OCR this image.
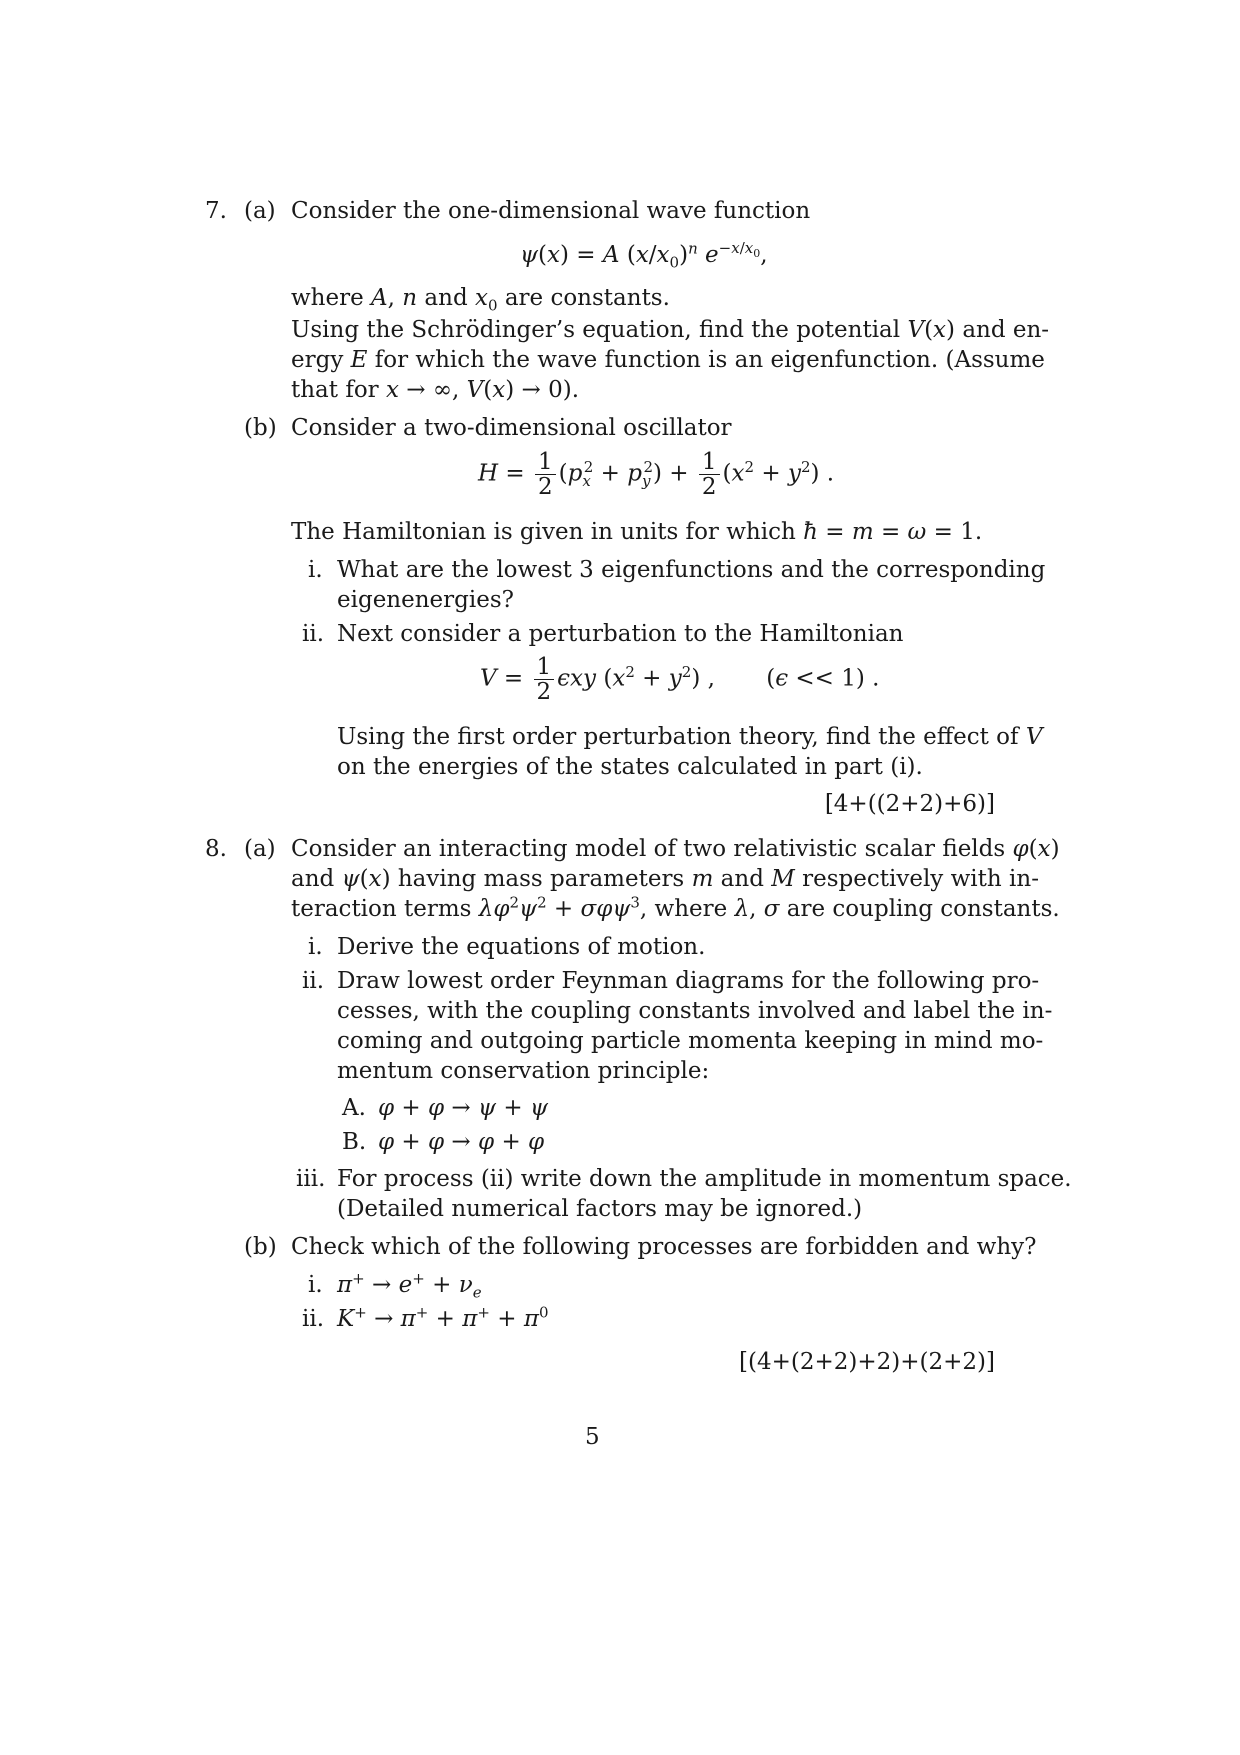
7. (a) Consider the one-dimensional wave function
ψ(x) = A $(x/x_0)^n$ $e^{-x/x_0}$,
where A, n and $x_0$ are constants.
Using the Schrödinger’s equation, find the potential V(x) and en-
ergy E for which the wave function is an eigenfunction. (Assume
that for x → ∞, V(x) → 0).
(b) Consider a two-dimensional oscillator
$H = \frac{1}{2} (p_x^2 + p_y^2) + \frac{1}{2} (x^2 + y^2)$ .
The Hamiltonian is given in units for which ħ = m = ω = 1.
i. What are the lowest 3 eigenfunctions and the corresponding
eigenenergies?
ii. Next consider a perturbation to the Hamiltonian
$V = \frac{1}{2}$ ϵxy $(x^2 + y^2)$ , (ϵ << 1) .
Using the first order perturbation theory, find the effect of V
on the energies of the states calculated in part (i).
[4+((2+2)+6)]
8. (a) Consider an interacting model of two relativistic scalar fields φ(x)
and ψ(x) having mass parameters m and M respectively with in-
teraction terms $\lambda\varphi^2\psi^2 + \sigma\varphi\psi^3$, where λ, σ are coupling constants.
i. Derive the equations of motion.
ii. Draw lowest order Feynman diagrams for the following pro-
cesses, with the coupling constants involved and label the in-
coming and outgoing particle momenta keeping in mind mo-
mentum conservation principle:
A. φ + φ → ψ + ψ
B. φ + φ → φ + φ
iii. For process (ii) write down the amplitude in momentum space.
(Detailed numerical factors may be ignored.)
(b) Check which of the following processes are forbidden and why?
i. $\pi^+ \to e^+ + \nu_e$
ii. $K^+ \to \pi^+ + \pi^+ + \pi^0$
[(4+(2+2)+2)+(2+2)]
5
